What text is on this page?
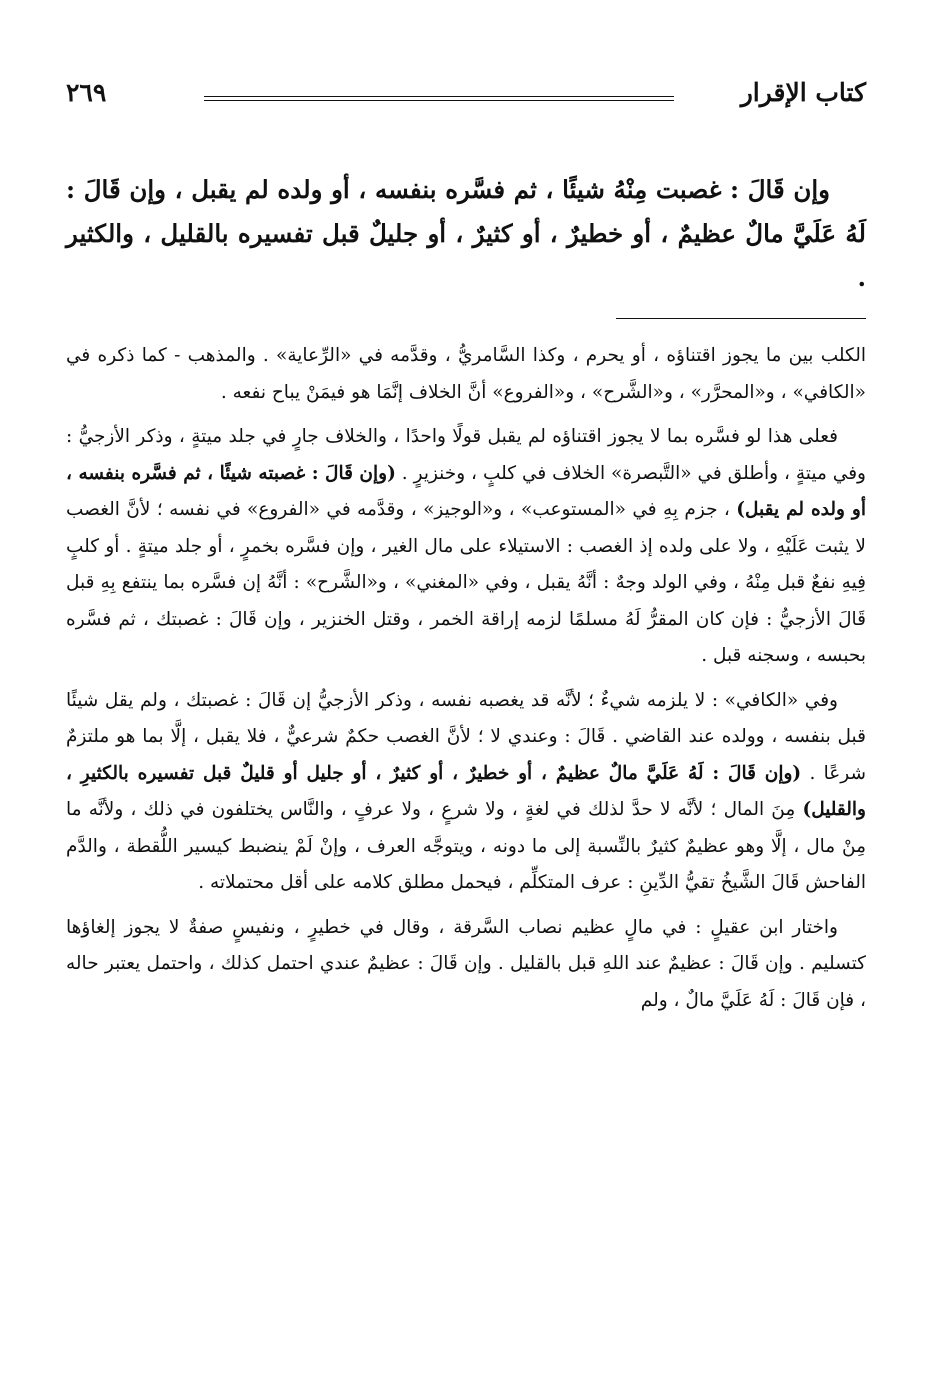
كتاب الإقرار
٢٦٩
وإن قَالَ : غصبت مِنْهُ شيئًا ، ثم فسَّره بنفسه ، أو ولده لم يقبل ، وإن قَالَ : لَهُ عَلَيَّ مالٌ عظيمٌ ، أو خطيرٌ ، أو كثيرٌ ، أو جليلٌ قبل تفسيره بالقليل ، والكثير .

الكلب بين ما يجوز اقتناؤه ، أو يحرم ، وكذا السَّامريُّ ، وقدَّمه في «الرِّعاية» . والمذهب - كما ذكره في «الكافي» ، و«المحرَّر» ، و«الشَّرح» ، و«الفروع» أنَّ الخلاف إنَّمَا هو فيمَنْ يباح نفعه .

فعلى هذا لو فسَّره بما لا يجوز اقتناؤه لم يقبل قولًا واحدًا ، والخلاف جارٍ في جلد ميتةٍ ، وذكر الأزجيُّ : وفي ميتةٍ ، وأطلق في «التَّبصرة» الخلاف في كلبٍ ، وخنزيرٍ . (وإن قَالَ : غصبته شيئًا ، ثم فسَّره بنفسه ، أو ولده لم يقبل) ، جزم بِهِ في «المستوعب» ، و«الوجيز» ، وقدَّمه في «الفروع» في نفسه ؛ لأنَّ الغصب لا يثبت عَلَيْهِ ، ولا على ولده إذ الغصب : الاستيلاء على مال الغير ، وإن فسَّره بخمرٍ ، أو جلد ميتةٍ . أو كلبٍ فِيهِ نفعٌ قبل مِنْهُ ، وفي الولد وجهٌ : أنَّهُ يقبل ، وفي «المغني» ، و«الشَّرح» : أنَّهُ إن فسَّره بما ينتفع بِهِ قبل قَالَ الأزجيُّ : فإن كان المقرُّ لَهُ مسلمًا لزمه إراقة الخمر ، وقتل الخنزير ، وإن قَالَ : غصبتك ، ثم فسَّره بحبسه ، وسجنه قبل .

وفي «الكافي» : لا يلزمه شيءٌ ؛ لأنَّه قد يغصبه نفسه ، وذكر الأزجيُّ إن قَالَ : غصبتك ، ولم يقل شيئًا قبل بنفسه ، وولده عند القاضي . قَالَ : وعندي لا ؛ لأنَّ الغصب حكمٌ شرعيٌّ ، فلا يقبل ، إلَّا بما هو ملتزمٌ شرعًا . (وإن قَالَ : لَهُ عَلَيَّ مالٌ عظيمٌ ، أو خطيرٌ ، أو كثيرٌ ، أو جليل أو قليلٌ قبل تفسيره بالكثيرِ ، والقليل) مِنَ المال ؛ لأنَّه لا حدَّ لذلك في لغةٍ ، ولا شرعٍ ، ولا عرفٍ ، والنَّاس يختلفون في ذلك ، ولأنَّه ما مِنْ مال ، إلَّا وهو عظيمٌ كثيرٌ بالنِّسبة إلى ما دونه ، ويتوجَّه العرف ، وإنْ لَمْ ينضبط كيسير اللُّقطة ، والدَّم الفاحش قَالَ الشَّيخُ تقيُّ الدِّينِ : عرف المتكلِّم ، فيحمل مطلق كلامه على أقل محتملاته .

واختار ابن عقيلٍ : في مالٍ عظيم نصاب السَّرقة ، وقال في خطيرٍ ، ونفيسٍ صفةٌ لا يجوز إلغاؤها كتسليم . وإن قَالَ : عظيمٌ عند اللهِ قبل بالقليل . وإن قَالَ : عظيمٌ عندي احتمل كذلك ، واحتمل يعتبر حاله ، فإن قَالَ : لَهُ عَلَيَّ مالٌ ، ولم
